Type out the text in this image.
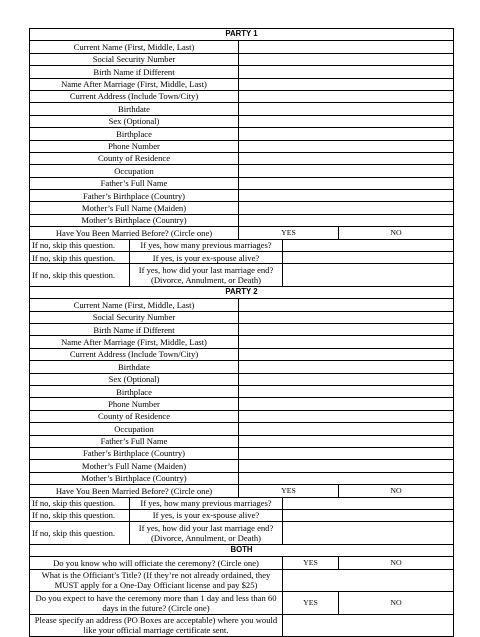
PARTY 1				
Current Name (First, Middle, Last)				
Social Security Number				
Birth Name if Different				
Name After Marriage (First, Middle, Last)				
Current Address (Include Town/City)				
Birthdate				
Sex (Optional)				
Birthplace				
Phone Number				
County of Residence				
Occupation				
Father’s Full Name				
Father’s Birthplace (Country)				
Mother’s Full Name (Maiden)				
Mother’s Birthplace (Country)				
Have You Been Married Before? (Circle one)		YES		NO
If no, skip this question.	If yes, how many previous marriages?			
If no, skip this question.	If yes, is your ex-spouse alive?			
If no, skip this question.	If yes, how did your last marriage end? (Divorce, Annulment, or Death)			
PARTY 2				
Current Name (First, Middle, Last)				
Social Security Number				
Birth Name if Different				
Name After Marriage (First, Middle, Last)				
Current Address (Include Town/City)				
Birthdate				
Sex (Optional)				
Birthplace				
Phone Number				
County of Residence				
Occupation				
Father’s Full Name				
Father’s Birthplace (Country)				
Mother’s Full Name (Maiden)				
Mother’s Birthplace (Country)				
Have You Been Married Before? (Circle one)		YES		NO
If no, skip this question.	If yes, how many previous marriages?			
If no, skip this question.	If yes, is your ex-spouse alive?			
If no, skip this question.	If yes, how did your last marriage end? (Divorce, Annulment, or Death)			
BOTH				
Do you know who will officiate the ceremony? (Circle one)			YES	NO
What is the Officiant’s Title? (If they’re not already ordained, they MUST apply for a One-Day Officiant license and pay $25)				
Do you expect to have the ceremony more than 1 day and less than 60 days in the future? (Circle one)			YES	NO
Please specify an address (PO Boxes are acceptable) where you would like your official marriage certificate sent.				
